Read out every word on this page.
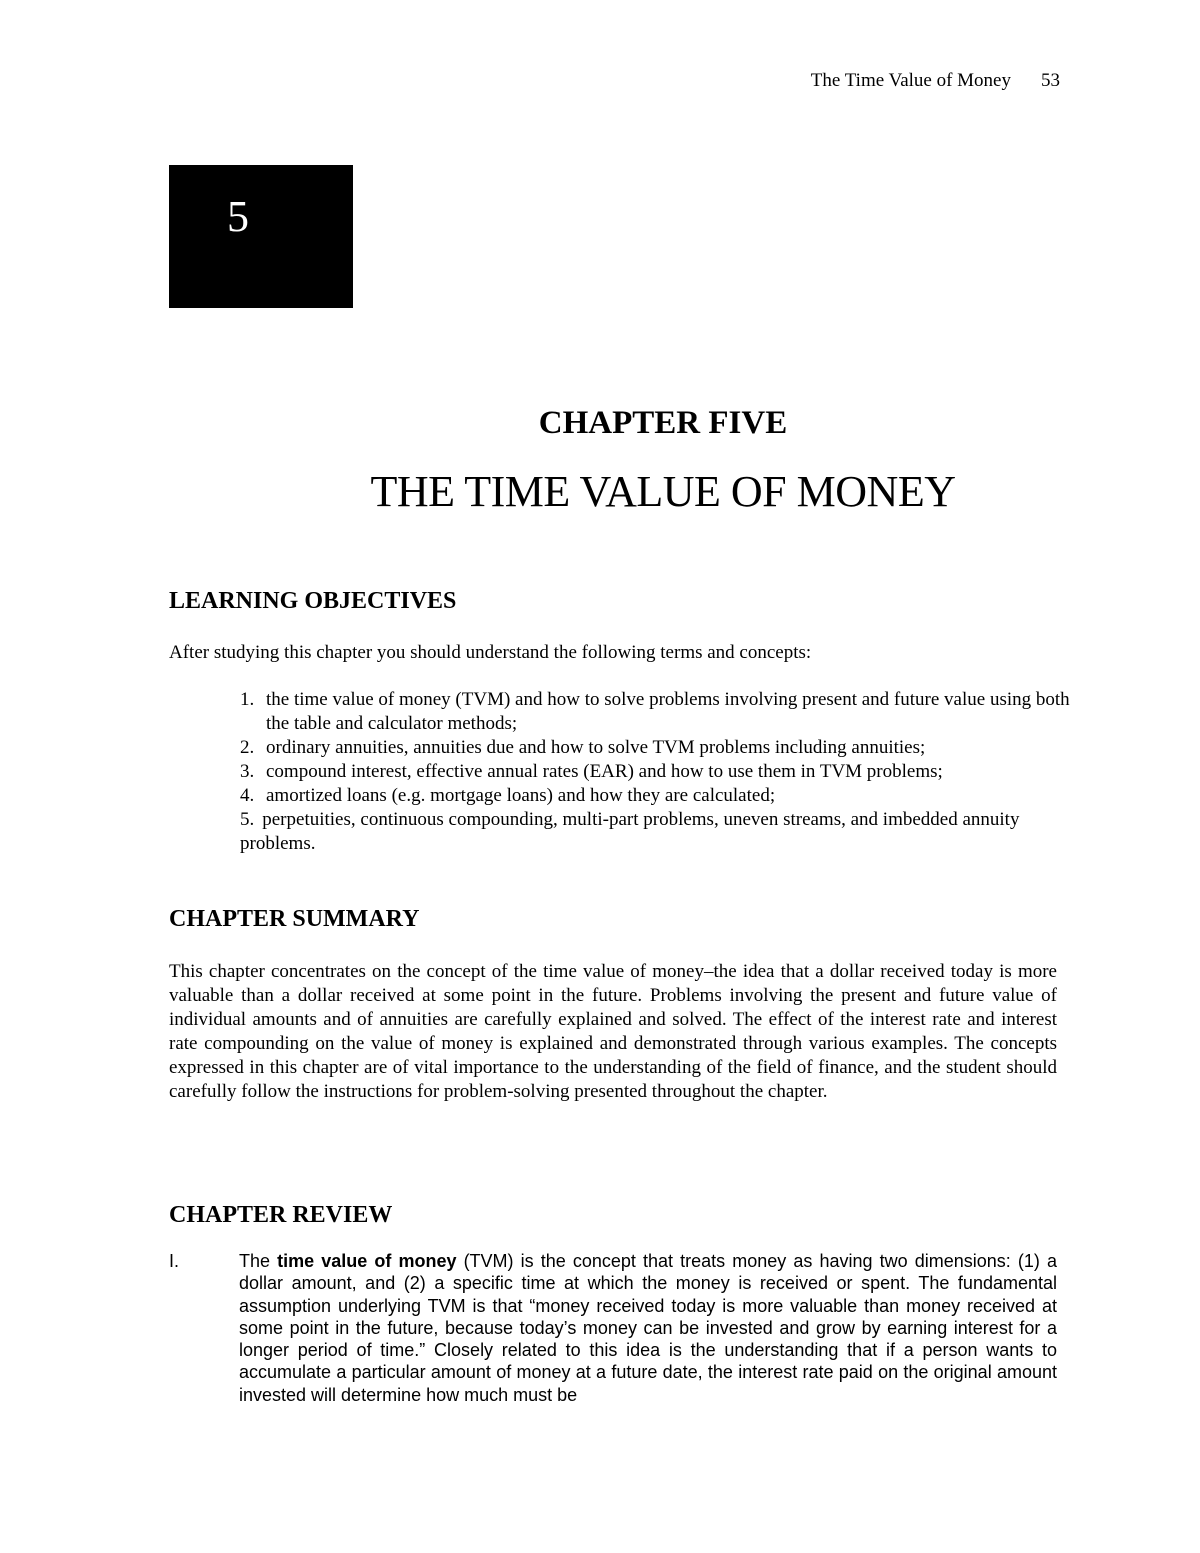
The Time Value of Money 53
5
CHAPTER FIVE
THE TIME VALUE OF MONEY
LEARNING OBJECTIVES
After studying this chapter you should understand the following terms and concepts:
1. the time value of money (TVM) and how to solve problems involving present and future value using both the table and calculator methods;
2. ordinary annuities, annuities due and how to solve TVM problems including annuities;
3. compound interest, effective annual rates (EAR) and how to use them in TVM problems;
4. amortized loans (e.g. mortgage loans) and how they are calculated;
5. perpetuities, continuous compounding, multi-part problems, uneven streams, and imbedded annuity problems.
CHAPTER SUMMARY

This chapter concentrates on the concept of the time value of money–the idea that a dollar received today is more valuable than a dollar received at some point in the future. Problems involving the present and future value of individual amounts and of annuities are carefully explained and solved. The effect of the interest rate and interest rate compounding on the value of money is explained and demonstrated through various examples. The concepts expressed in this chapter are of vital importance to the understanding of the field of finance, and the student should carefully follow the instructions for problem-solving presented throughout the chapter.

CHAPTER REVIEW
I.	The time value of money (TVM) is the concept that treats money as having two dimensions: (1) a dollar amount, and (2) a specific time at which the money is received or spent. The fundamental assumption underlying TVM is that “money received today is more valuable than money received at some point in the future, because today’s money can be invested and grow by earning interest for a longer period of time.” Closely related to this idea is the understanding that if a person wants to accumulate a particular amount of money at a future date, the interest rate paid on the original amount invested will determine how much must be
